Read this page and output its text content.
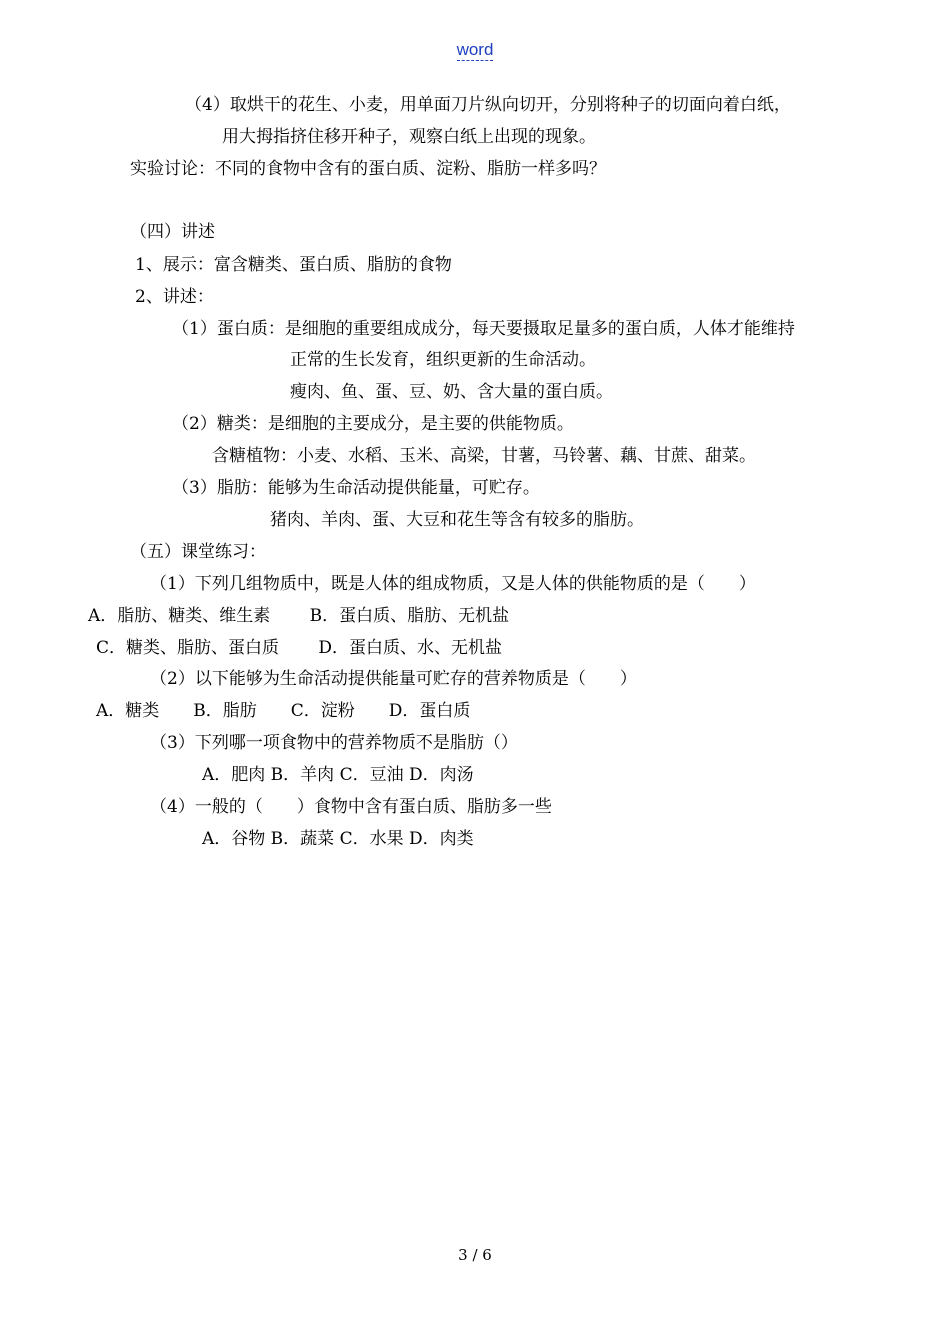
word
（4）取烘干的花生、小麦，用单面刀片纵向切开，分别将种子的切面向着白纸，
用大拇指挤住移开种子，观察白纸上出现的现象。
实验讨论：不同的食物中含有的蛋白质、淀粉、脂肪一样多吗？
（四）讲述
1、展示：富含糖类、蛋白质、脂肪的食物
2、讲述：
（1）蛋白质：是细胞的重要组成成分，每天要摄取足量多的蛋白质，人体才能维持
正常的生长发育，组织更新的生命活动。
瘦肉、鱼、蛋、豆、奶、含大量的蛋白质。
（2）糖类：是细胞的主要成分，是主要的供能物质。
含糖植物：小麦、水稻、玉米、高梁，甘薯，马铃薯、藕、甘蔗、甜菜。
（3）脂肪：能够为生命活动提供能量，可贮存。
猪肉、羊肉、蛋、大豆和花生等含有较多的脂肪。
（五）课堂练习：
（1）下列几组物质中，既是人体的组成物质，又是人体的供能物质的是（　　）
A．脂肪、糖类、维生素　　 B．蛋白质、脂肪、无机盐
C．糖类、脂肪、蛋白质　　 D．蛋白质、水、无机盐
（2）以下能够为生命活动提供能量可贮存的营养物质是（　　）
A．糖类　　B．脂肪　　C．淀粉　　D．蛋白质
（3）下列哪一项食物中的营养物质不是脂肪（）
A．肥肉 B．羊肉 C．豆油 D．肉汤
（4）一般的（　　）食物中含有蛋白质、脂肪多一些
A．谷物 B．蔬菜 C．水果 D．肉类
3 / 6
